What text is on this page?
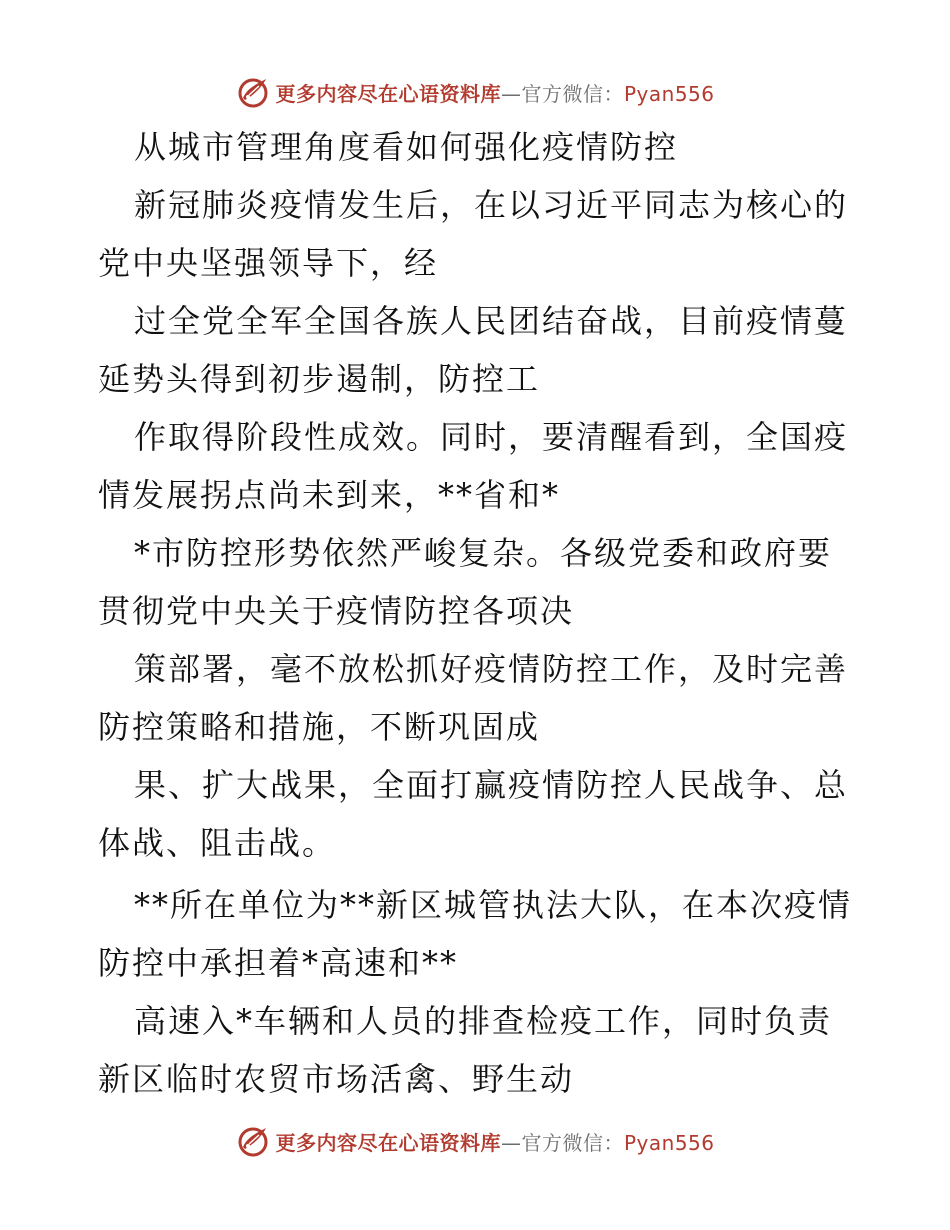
更多内容尽在心语资料库—官方微信：Pyan556
从城市管理角度看如何强化疫情防控
新冠肺炎疫情发生后，在以习近平同志为核心的
党中央坚强领导下，经
过全党全军全国各族人民团结奋战，目前疫情蔓
延势头得到初步遏制，防控工
作取得阶段性成效。同时，要清醒看到，全国疫
情发展拐点尚未到来，**省和*
*市防控形势依然严峻复杂。各级党委和政府要
贯彻党中央关于疫情防控各项决
策部署，毫不放松抓好疫情防控工作，及时完善
防控策略和措施，不断巩固成
果、扩大战果，全面打赢疫情防控人民战争、总
体战、阻击战。
**所在单位为**新区城管执法大队，在本次疫情
防控中承担着*高速和**
高速入*车辆和人员的排查检疫工作，同时负责
新区临时农贸市场活禽、野生动
更多内容尽在心语资料库—官方微信：Pyan556
